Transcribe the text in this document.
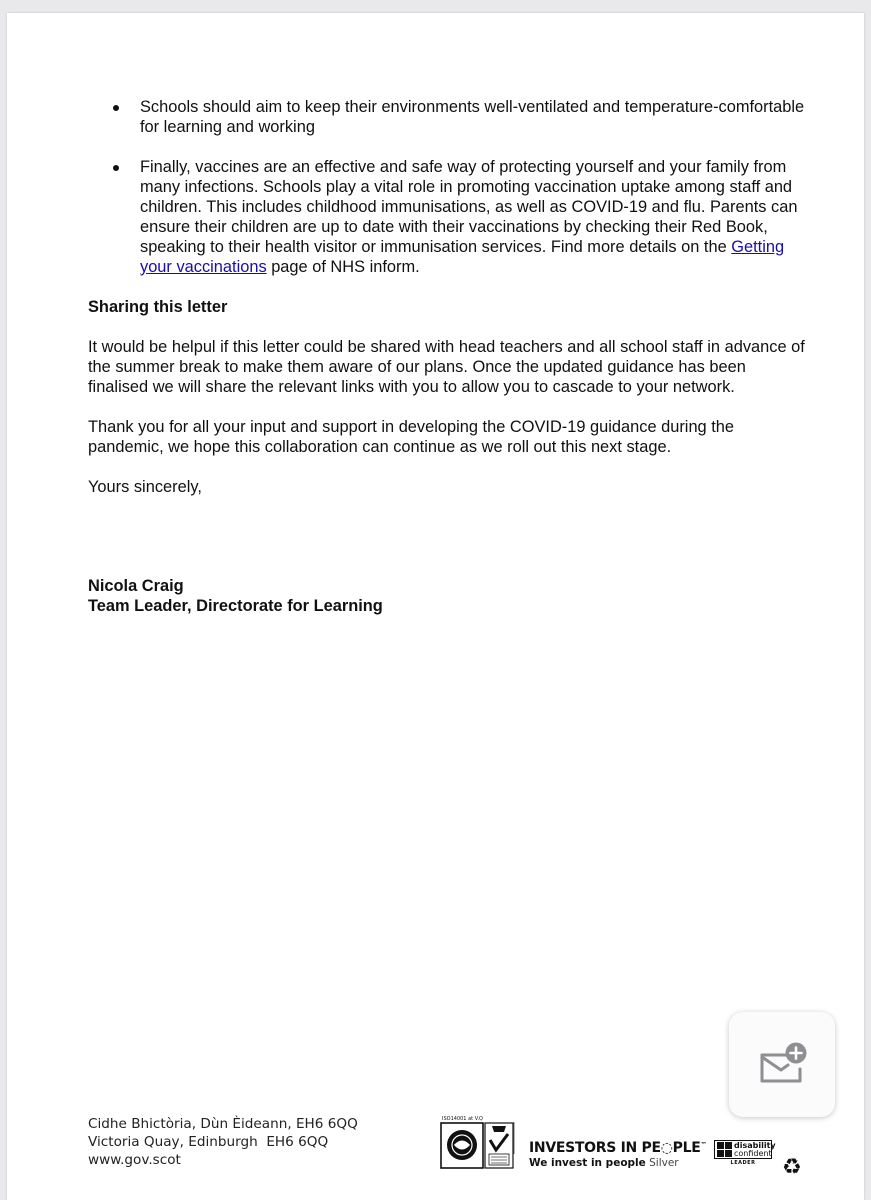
Schools should aim to keep their environments well-ventilated and temperature-comfortable for learning and working
Finally, vaccines are an effective and safe way of protecting yourself and your family from many infections. Schools play a vital role in promoting vaccination uptake among staff and children. This includes childhood immunisations, as well as COVID-19 and flu. Parents can ensure their children are up to date with their vaccinations by checking their Red Book, speaking to their health visitor or immunisation services. Find more details on the Getting your vaccinations page of NHS inform.

Sharing this letter

It would be helpul if this letter could be shared with head teachers and all school staff in advance of the summer break to make them aware of our plans. Once the updated guidance has been finalised we will share the relevant links with you to allow you to cascade to your network.

Thank you for all your input and support in developing the COVID-19 guidance during the pandemic, we hope this collaboration can continue as we roll out this next stage.

Yours sincerely,

Nicola Craig

Team Leader, Directorate for Learning

Cidhe Bhictòria, Dùn Èideann, EH6 6QQ
Victoria Quay, Edinburgh  EH6 6QQ
www.gov.scot
ISO14001 at V.Q
INVESTORS IN PE◌PLE™
We invest in people Silver
disability
confident
LEADER	♻
